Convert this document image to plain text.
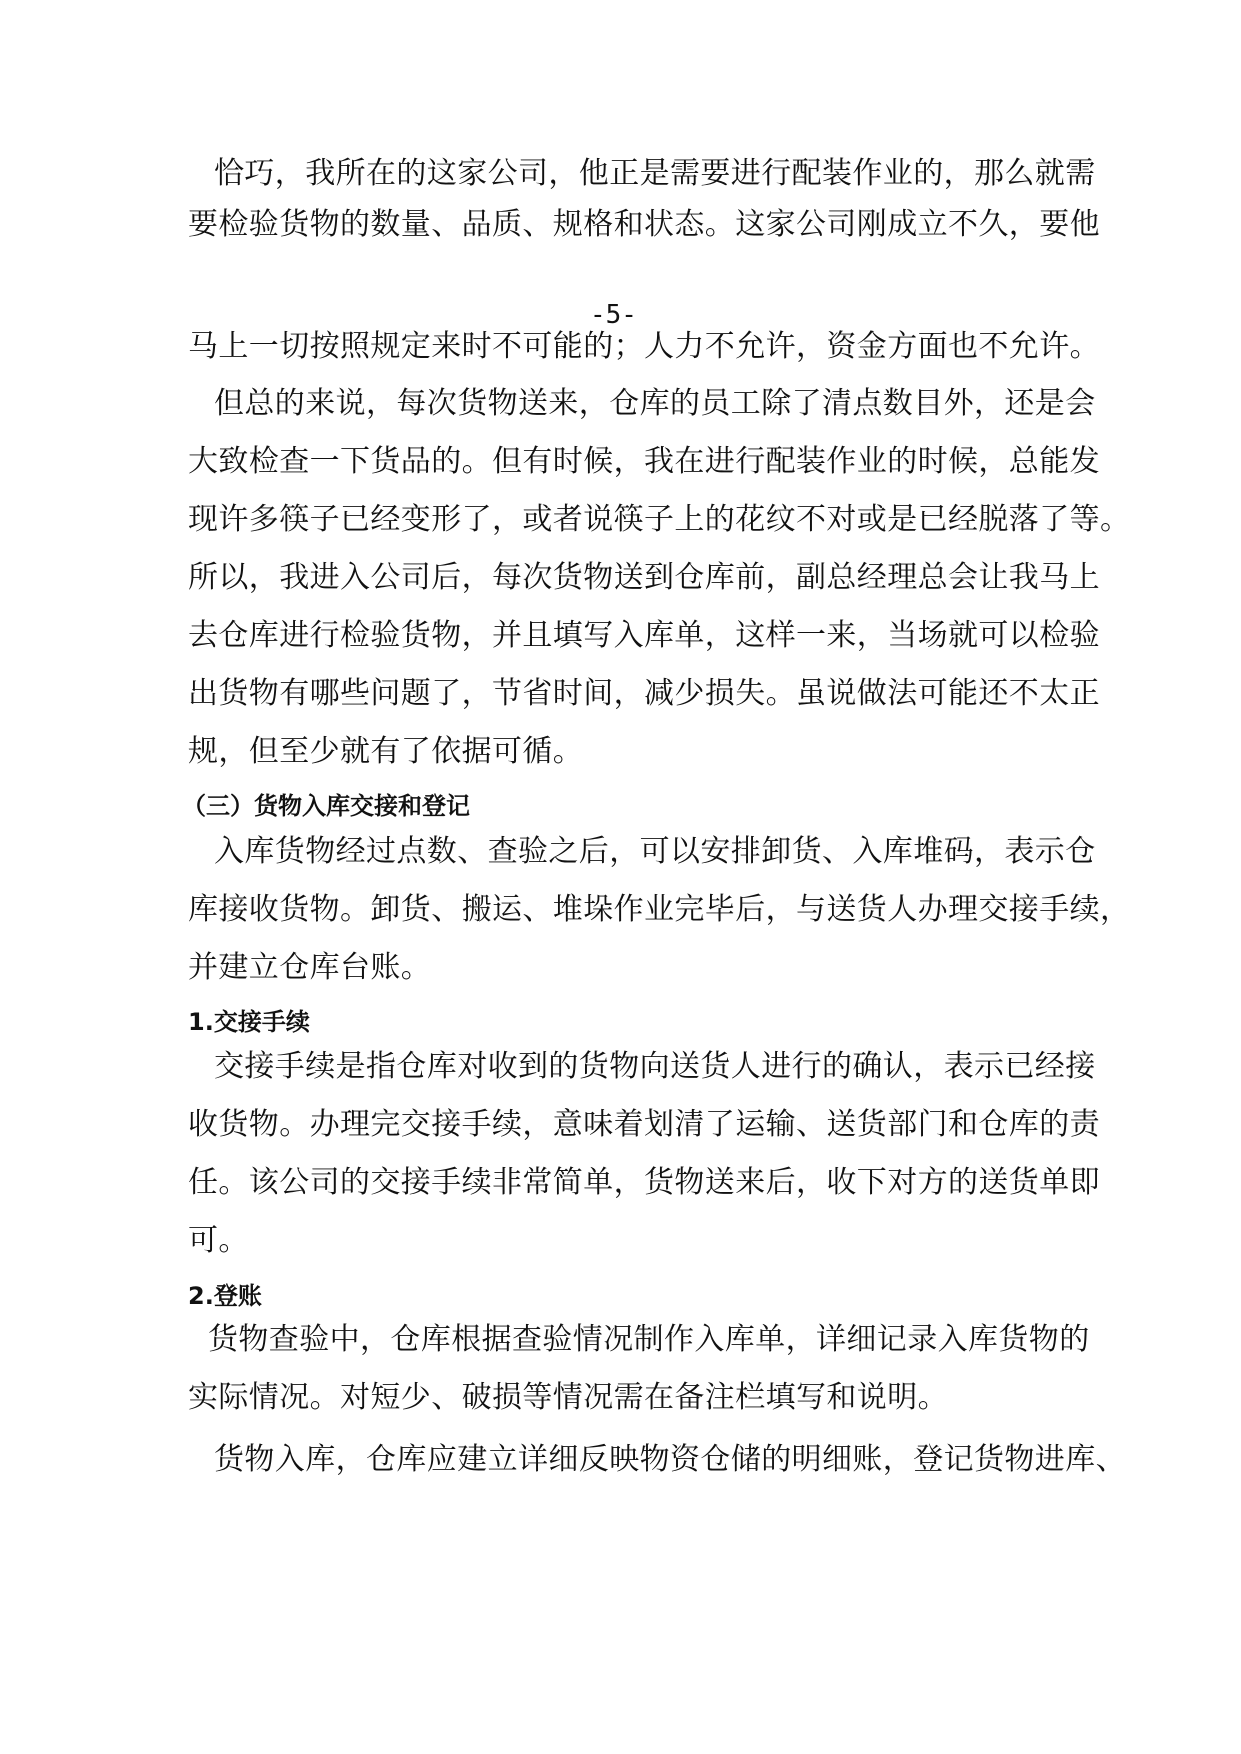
恰巧，我所在的这家公司，他正是需要进行配装作业的，那么就需
要检验货物的数量、品质、规格和状态。这家公司刚成立不久，要他
-5-
马上一切按照规定来时不可能的；人力不允许，资金方面也不允许。
但总的来说，每次货物送来，仓库的员工除了清点数目外，还是会
大致检查一下货品的。但有时候，我在进行配装作业的时候，总能发
现许多筷子已经变形了，或者说筷子上的花纹不对或是已经脱落了等。
所以，我进入公司后，每次货物送到仓库前，副总经理总会让我马上
去仓库进行检验货物，并且填写入库单，这样一来，当场就可以检验
出货物有哪些问题了，节省时间，减少损失。虽说做法可能还不太正
规，但至少就有了依据可循。
（三）货物入库交接和登记
入库货物经过点数、查验之后，可以安排卸货、入库堆码，表示仓
库接收货物。卸货、搬运、堆垛作业完毕后，与送货人办理交接手续，
并建立仓库台账。
1.交接手续
交接手续是指仓库对收到的货物向送货人进行的确认，表示已经接
收货物。办理完交接手续，意味着划清了运输、送货部门和仓库的责
任。该公司的交接手续非常简单，货物送来后，收下对方的送货单即
可。
2.登账
货物查验中，仓库根据查验情况制作入库单，详细记录入库货物的
实际情况。对短少、破损等情况需在备注栏填写和说明。
货物入库，仓库应建立详细反映物资仓储的明细账，登记货物进库、
